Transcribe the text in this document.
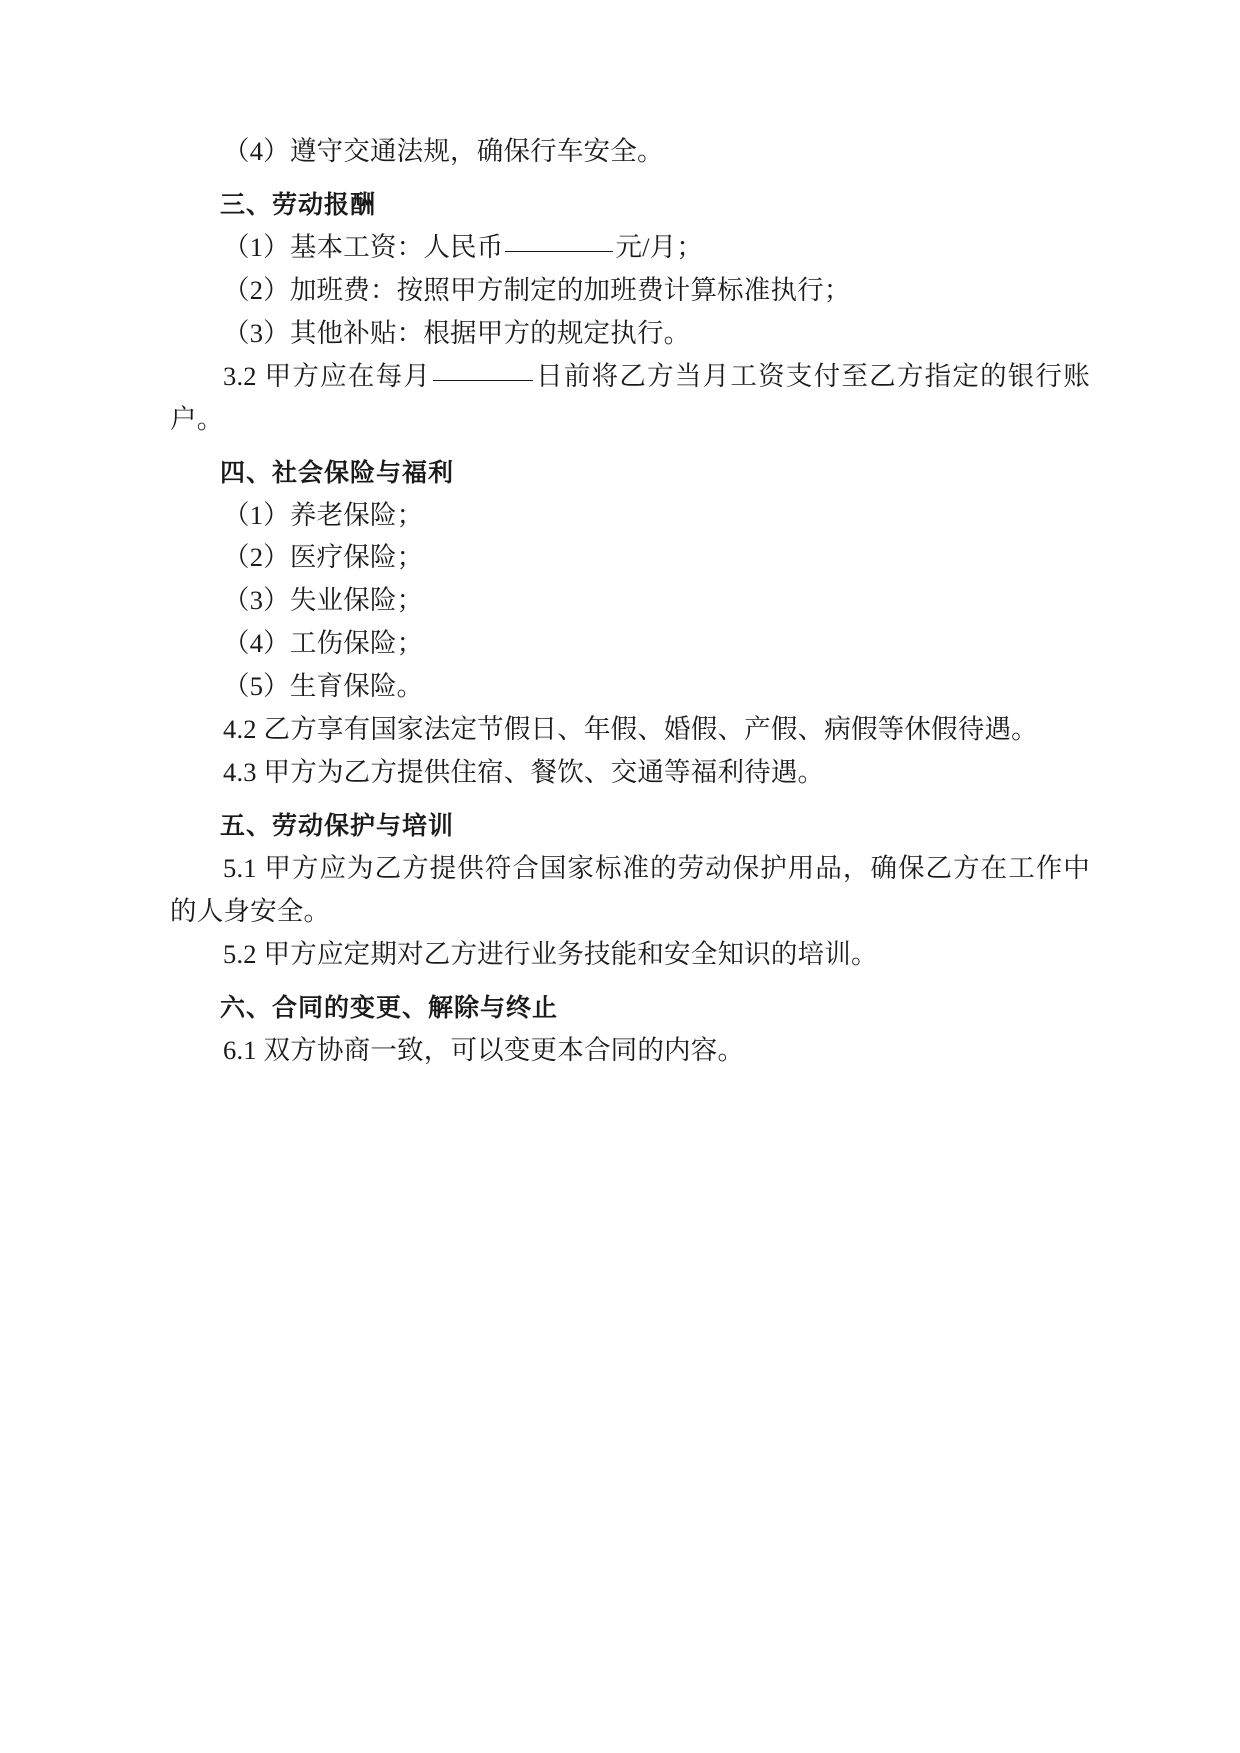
（4）遵守交通法规，确保行车安全。

三、劳动报酬

（1）基本工资：人民币	元/月；

（2）加班费：按照甲方制定的加班费计算标准执行；

（3）其他补贴：根据甲方的规定执行。

3.2 甲方应在每月	日前将乙方当月工资支付至乙方指定的银行账户。

四、社会保险与福利

（1）养老保险；

（2）医疗保险；

（3）失业保险；

（4）工伤保险；

（5）生育保险。

4.2 乙方享有国家法定节假日、年假、婚假、产假、病假等休假待遇。

4.3 甲方为乙方提供住宿、餐饮、交通等福利待遇。

五、劳动保护与培训

5.1 甲方应为乙方提供符合国家标准的劳动保护用品，确保乙方在工作中的人身安全。

5.2 甲方应定期对乙方进行业务技能和安全知识的培训。

六、合同的变更、解除与终止

6.1 双方协商一致，可以变更本合同的内容。
